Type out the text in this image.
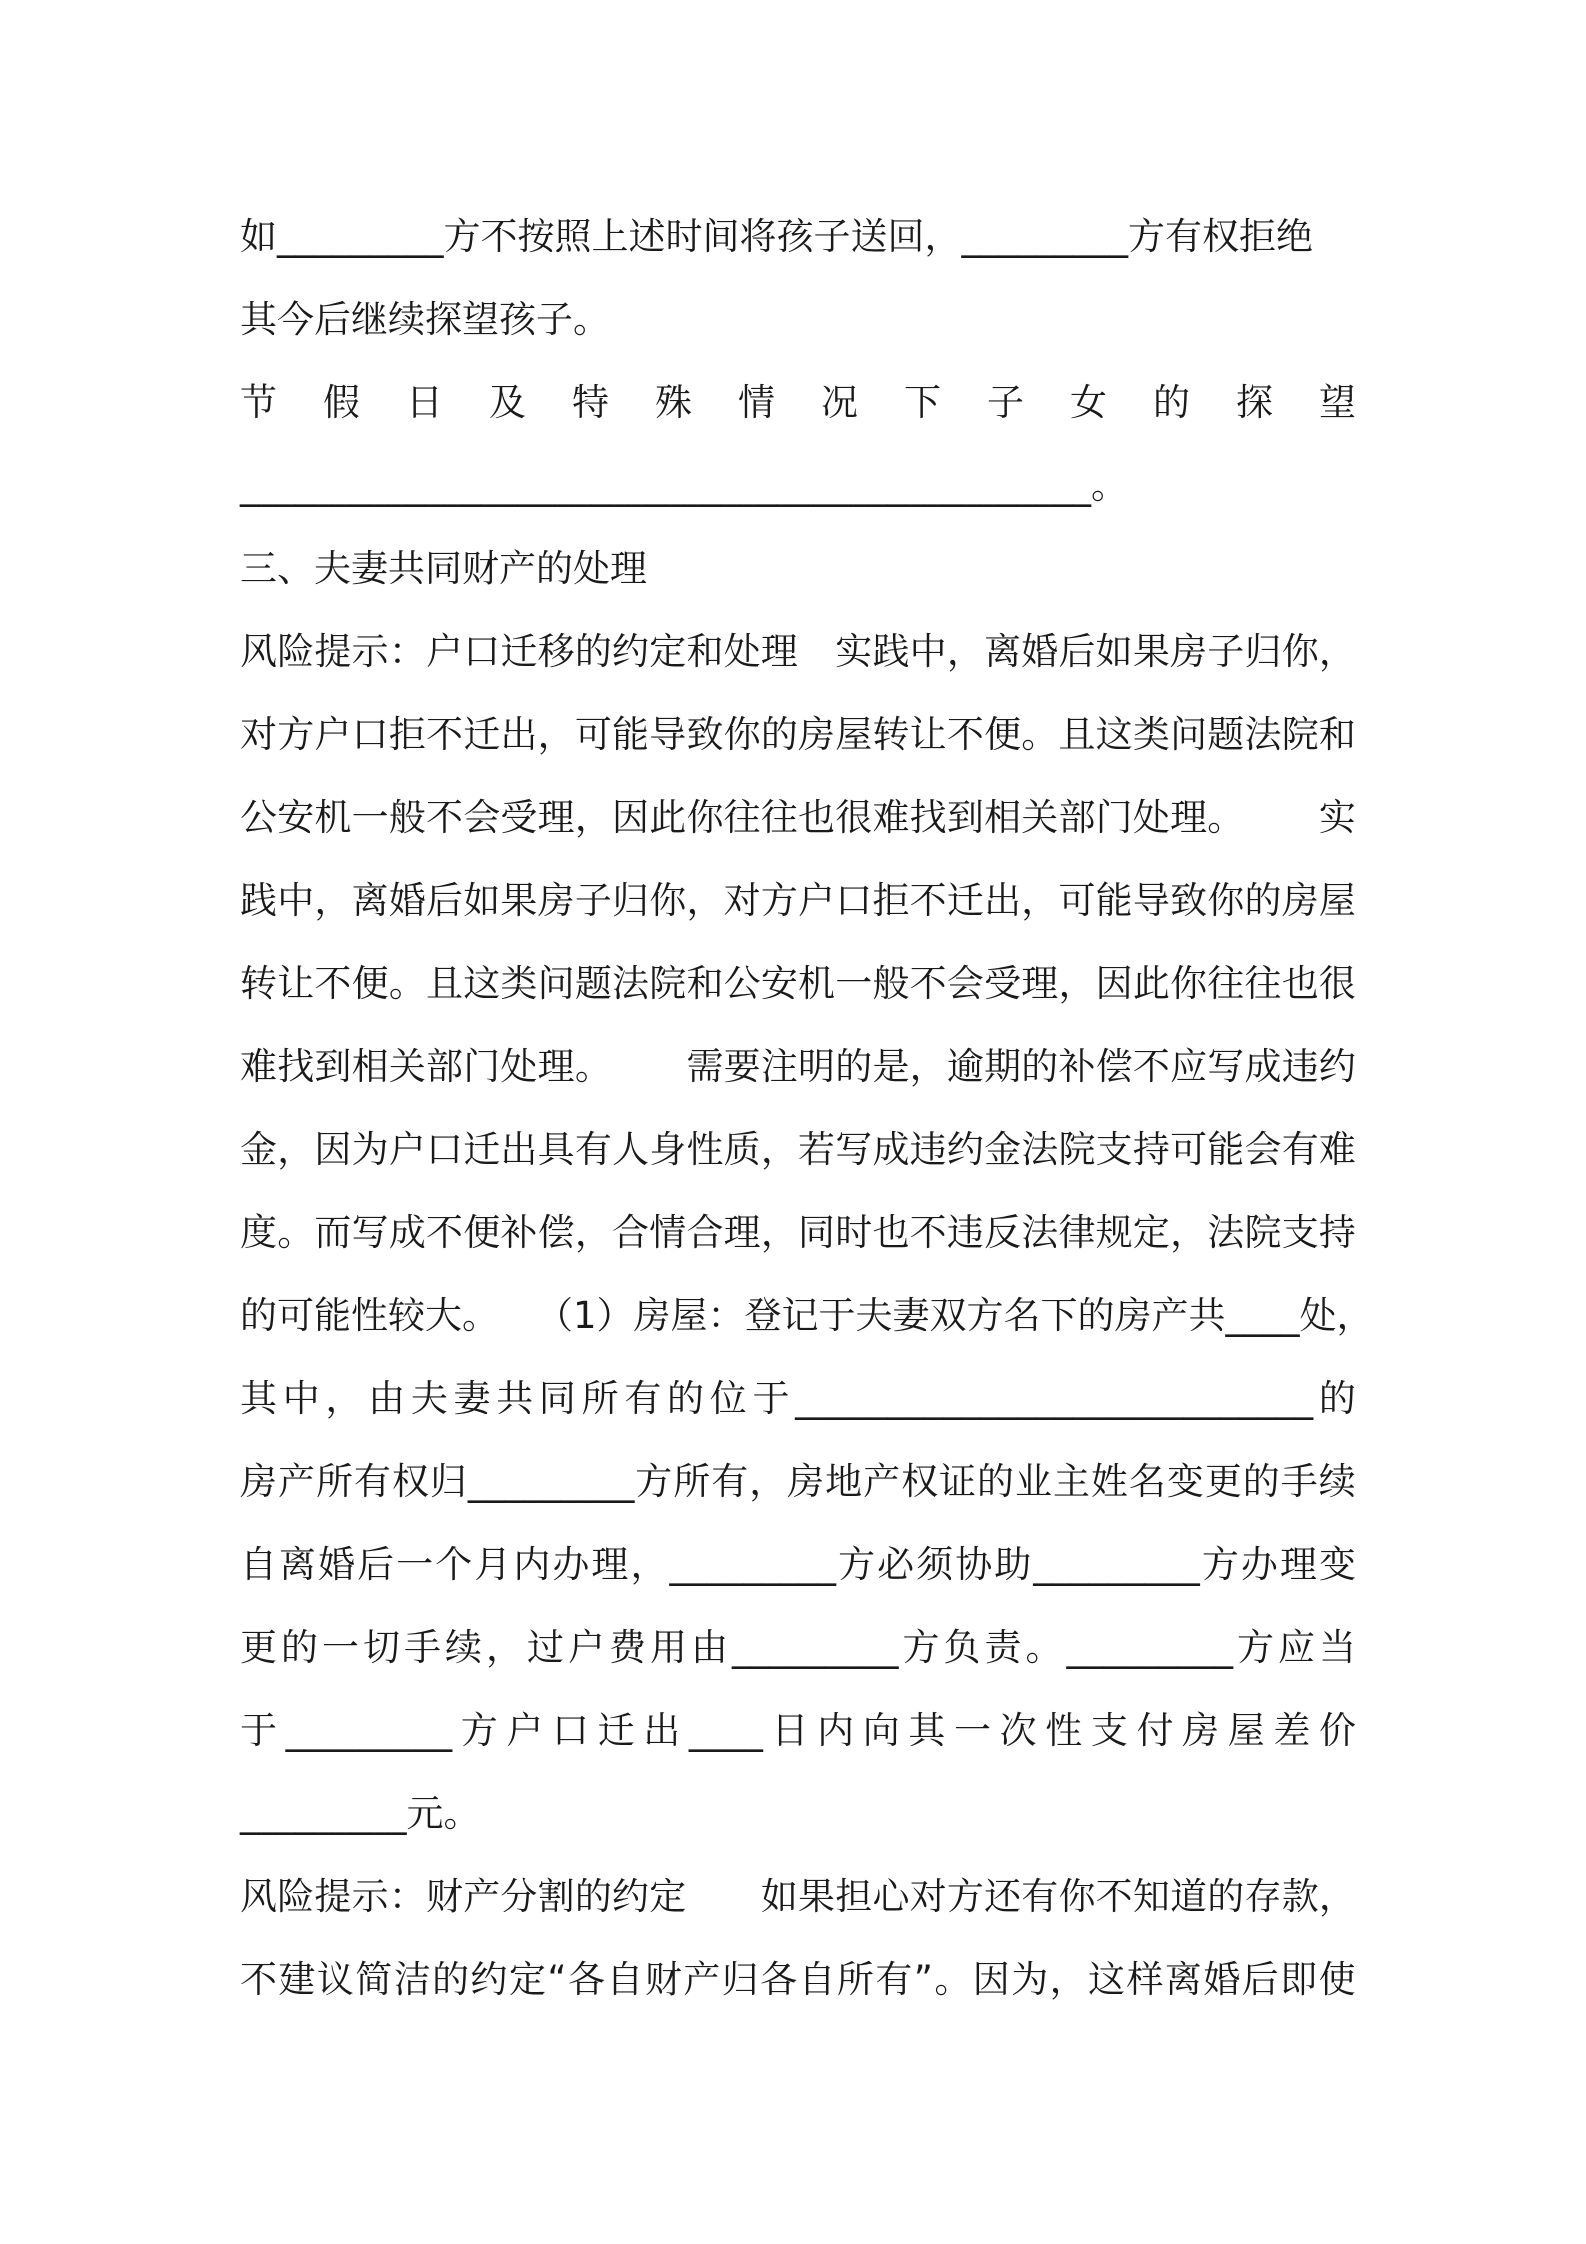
如_________方不按照上述时间将孩子送回，_________方有权拒绝
其今后继续探望孩子。
节 假 日 及 特 殊 情 况 下 子 女 的 探 望
______________________________________________。
三、夫妻共同财产的处理
风 险 提 示 ： 户 口 迁 移 的 约 定 和 处 理
　 实 践 中 ， 离 婚 后 如 果 房 子 归 你 ，
对 方 户 口 拒 不 迁 出 ， 可 能 导 致 你 的 房 屋 转 让 不 便 。 且 这 类 问 题 法 院 和
公 安 机 一 般 不 会 受 理 ， 因 此 你 往 往 也 很 难 找 到 相 关 部 门 处 理 。

　 实
践 中 ， 离 婚 后 如 果 房 子 归 你 ， 对 方 户 口 拒 不 迁 出 ， 可 能 导 致 你 的 房 屋
转 让 不 便 。 且 这 类 问 题 法 院 和 公 安 机 一 般 不 会 受 理 ， 因 此 你 往 往 也 很
难 找 到 相 关 部 门 处 理 。

　 需 要 注 明 的 是 ， 逾 期 的 补 偿 不 应 写 成 违 约
金 ， 因 为 户 口 迁 出 具 有 人 身 性 质 ， 若 写 成 违 约 金 法 院 支 持 可 能 会 有 难
度 。 而 写 成 不 便 补 偿 ， 合 情 合 理 ， 同 时 也 不 违 反 法 律 规 定 ， 法 院 支 持
的 可 能 性 较 大 。
　 （ 1 ） 房 屋 ： 登 记 于 夫 妻 双 方 名 下 的 房 产 共 ____ 处 ，
其 中 ， 由 夫 妻 共 同 所 有 的 位 于 ____________________________ 的
房 产 所 有 权 归 _________ 方 所 有 ， 房 地 产 权 证 的 业 主 姓 名 变 更 的 手 续
自 离 婚 后 一 个 月 内 办 理 ， _________ 方 必 须 协 助 _________ 方 办 理 变
更 的 一 切 手 续 ， 过 户 费 用 由 _________ 方 负 责 。 _________ 方 应 当
于 _________ 方 户 口 迁 出 ____ 日 内 向 其 一 次 性 支 付 房 屋 差 价
_________元。
风 险 提 示 ： 财 产 分 割 的 约 定

　 如 果 担 心 对 方 还 有 你 不 知 道 的 存 款 ，
不 建 议 简 洁 的 约 定 “ 各 自 财 产 归 各 自 所 有 ” 。 因 为 ， 这 样 离 婚 后 即 使
